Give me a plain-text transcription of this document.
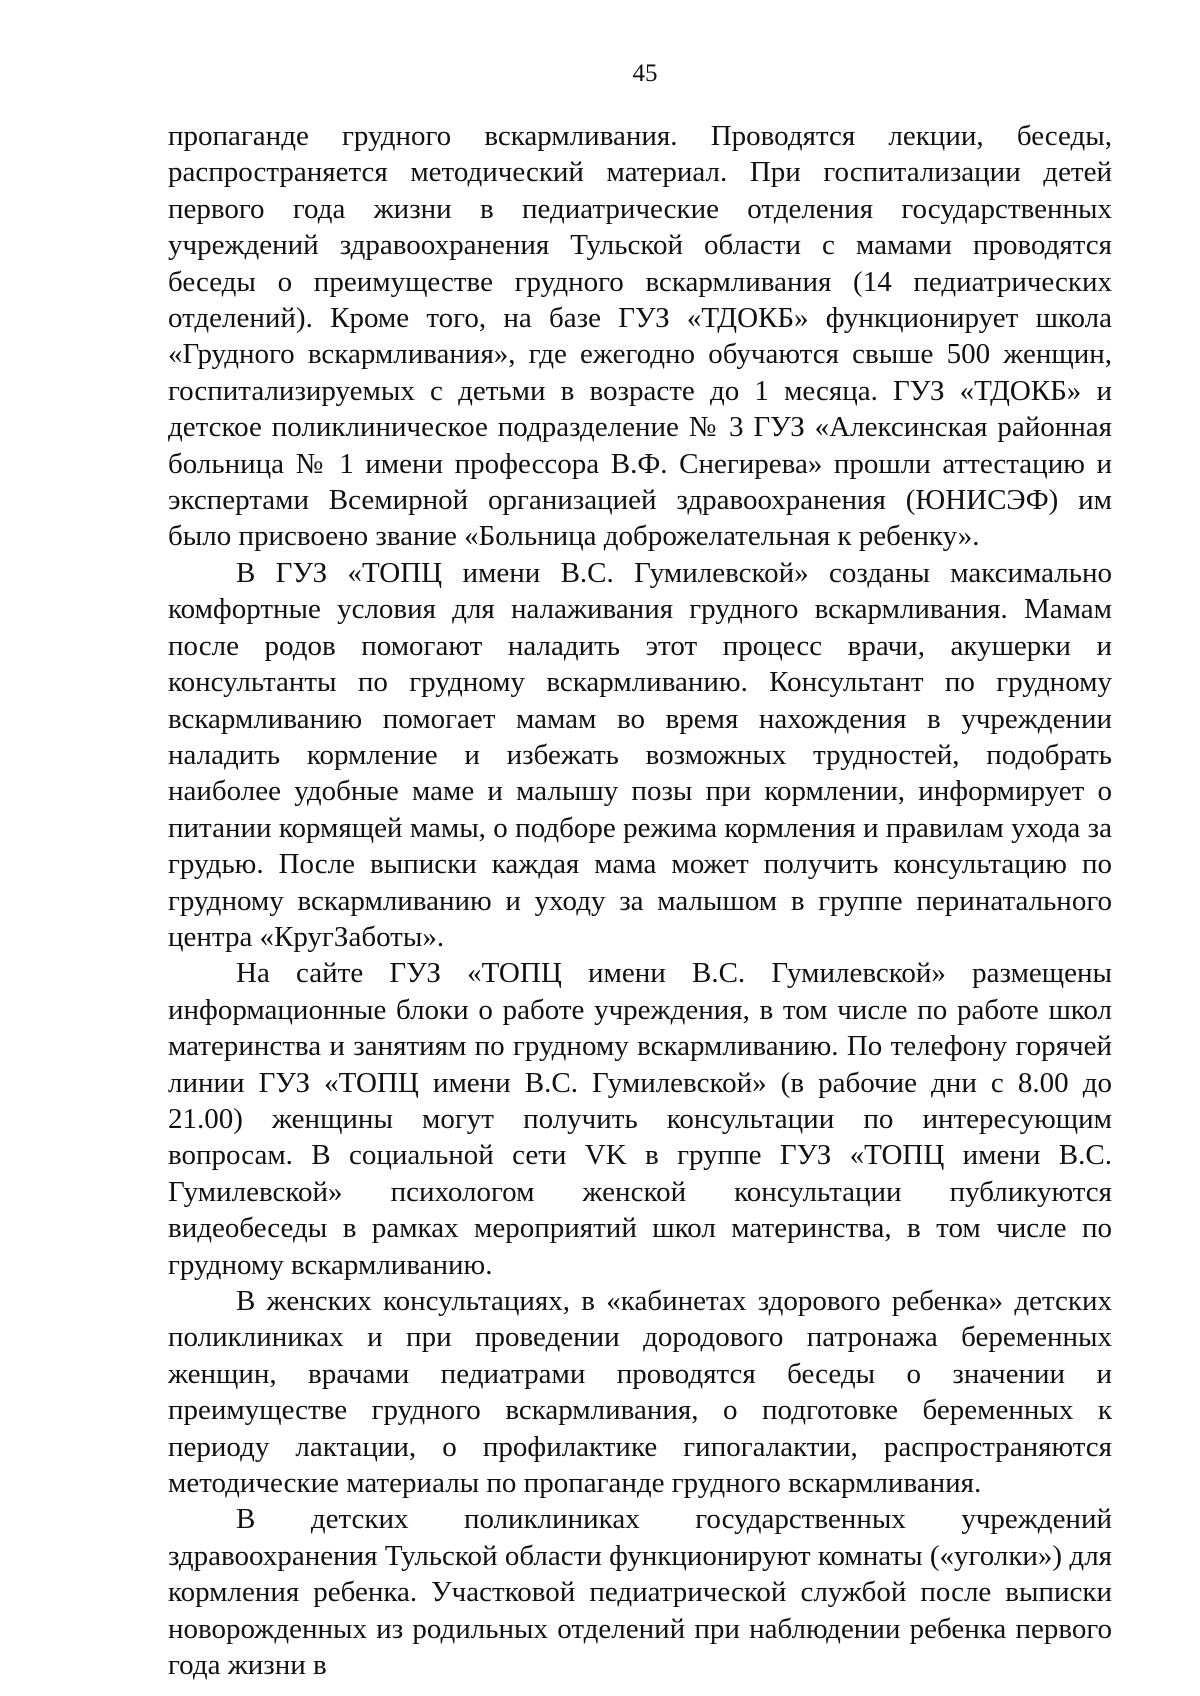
45

пропаганде грудного вскармливания. Проводятся лекции, беседы, распространяется методический материал. При госпитализации детей первого года жизни в педиатрические отделения государственных учреждений здравоохранения Тульской области с мамами проводятся беседы о преимуществе грудного вскармливания (14 педиатрических отделений). Кроме того, на базе ГУЗ «ТДОКБ» функционирует школа «Грудного вскармливания», где ежегодно обучаются свыше 500 женщин, госпитализируемых с детьми в возрасте до 1 месяца. ГУЗ «ТДОКБ» и детское поликлиническое подразделение № 3 ГУЗ «Алексинская районная больница № 1 имени профессора В.Ф. Снегирева» прошли аттестацию и экспертами Всемирной организацией здравоохранения (ЮНИСЭФ) им было присвоено звание «Больница доброжелательная к ребенку».

В ГУЗ «ТОПЦ имени В.С. Гумилевской» созданы максимально комфортные условия для налаживания грудного вскармливания. Мамам после родов помогают наладить этот процесс врачи, акушерки и консультанты по грудному вскармливанию. Консультант по грудному вскармливанию помогает мамам во время нахождения в учреждении наладить кормление и избежать возможных трудностей, подобрать наиболее удобные маме и малышу позы при кормлении, информирует о питании кормящей мамы, о подборе режима кормления и правилам ухода за грудью. После выписки каждая мама может получить консультацию по грудному вскармливанию и уходу за малышом в группе перинатального центра «КругЗаботы».

На сайте ГУЗ «ТОПЦ имени В.С. Гумилевской» размещены информационные блоки о работе учреждения, в том числе по работе школ материнства и занятиям по грудному вскармливанию. По телефону горячей линии ГУЗ «ТОПЦ имени В.С. Гумилевской» (в рабочие дни с 8.00 до 21.00) женщины могут получить консультации по интересующим вопросам. В социальной сети VK в группе ГУЗ «ТОПЦ имени В.С. Гумилевской» психологом женской консультации публикуются видеобеседы в рамках мероприятий школ материнства, в том числе по грудному вскармливанию.

В женских консультациях, в «кабинетах здорового ребенка» детских поликлиниках и при проведении дородового патронажа беременных женщин, врачами педиатрами проводятся беседы о значении и преимуществе грудного вскармливания, о подготовке беременных к периоду лактации, о профилактике гипогалактии, распространяются методические материалы по пропаганде грудного вскармливания.

В детских поликлиниках государственных учреждений здравоохранения Тульской области функционируют комнаты («уголки») для кормления ребенка. Участковой педиатрической службой после выписки новорожденных из родильных отделений при наблюдении ребенка первого года жизни в
